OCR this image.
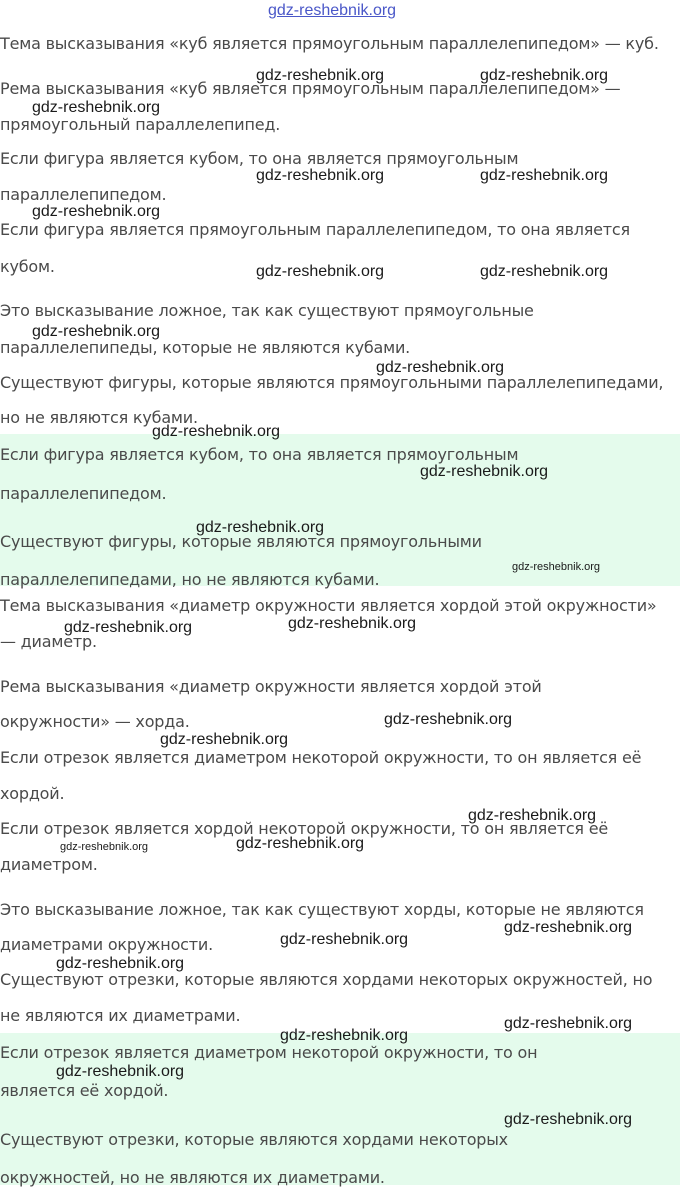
Тема высказывания «куб является прямоугольным параллелепипедом» — куб.
Рема высказывания «куб является прямоугольным параллелепипедом» —
прямоугольный параллелепипед.
Если фигура является кубом, то она является прямоугольным
параллелепипедом.
Если фигура является прямоугольным параллелепипедом, то она является
кубом.
Это высказывание ложное, так как существуют прямоугольные
параллелепипеды, которые не являются кубами.
Существуют фигуры, которые являются прямоугольными параллелепипедами,
но не являются кубами.
Если фигура является кубом, то она является прямоугольным
параллелепипедом.
Существуют фигуры, которые являются прямоугольными
параллелепипедами, но не являются кубами.
Тема высказывания «диаметр окружности является хордой этой окружности»
— диаметр.
Рема высказывания «диаметр окружности является хордой этой
окружности» — хорда.
Если отрезок является диаметром некоторой окружности, то он является её
хордой.
Если отрезок является хордой некоторой окружности, то он является её
диаметром.
Это высказывание ложное, так как существуют хорды, которые не являются
диаметрами окружности.
Существуют отрезки, которые являются хордами некоторых окружностей, но
не являются их диаметрами.
Если отрезок является диаметром некоторой окружности, то он
является её хордой.
Существуют отрезки, которые являются хордами некоторых
окружностей, но не являются их диаметрами.
gdz-reshebnik.org
gdz-reshebnik.org	gdz-reshebnik.org
gdz-reshebnik.org
gdz-reshebnik.org	gdz-reshebnik.org
gdz-reshebnik.org
gdz-reshebnik.org	gdz-reshebnik.org
gdz-reshebnik.org
gdz-reshebnik.org
gdz-reshebnik.org
gdz-reshebnik.org
gdz-reshebnik.org
gdz-reshebnik.org
gdz-reshebnik.org
gdz-reshebnik.org
gdz-reshebnik.org
gdz-reshebnik.org
gdz-reshebnik.org
gdz-reshebnik.org	gdz-reshebnik.org
gdz-reshebnik.org
gdz-reshebnik.org
gdz-reshebnik.org
gdz-reshebnik.org
gdz-reshebnik.org
gdz-reshebnik.org
gdz-reshebnik.org
